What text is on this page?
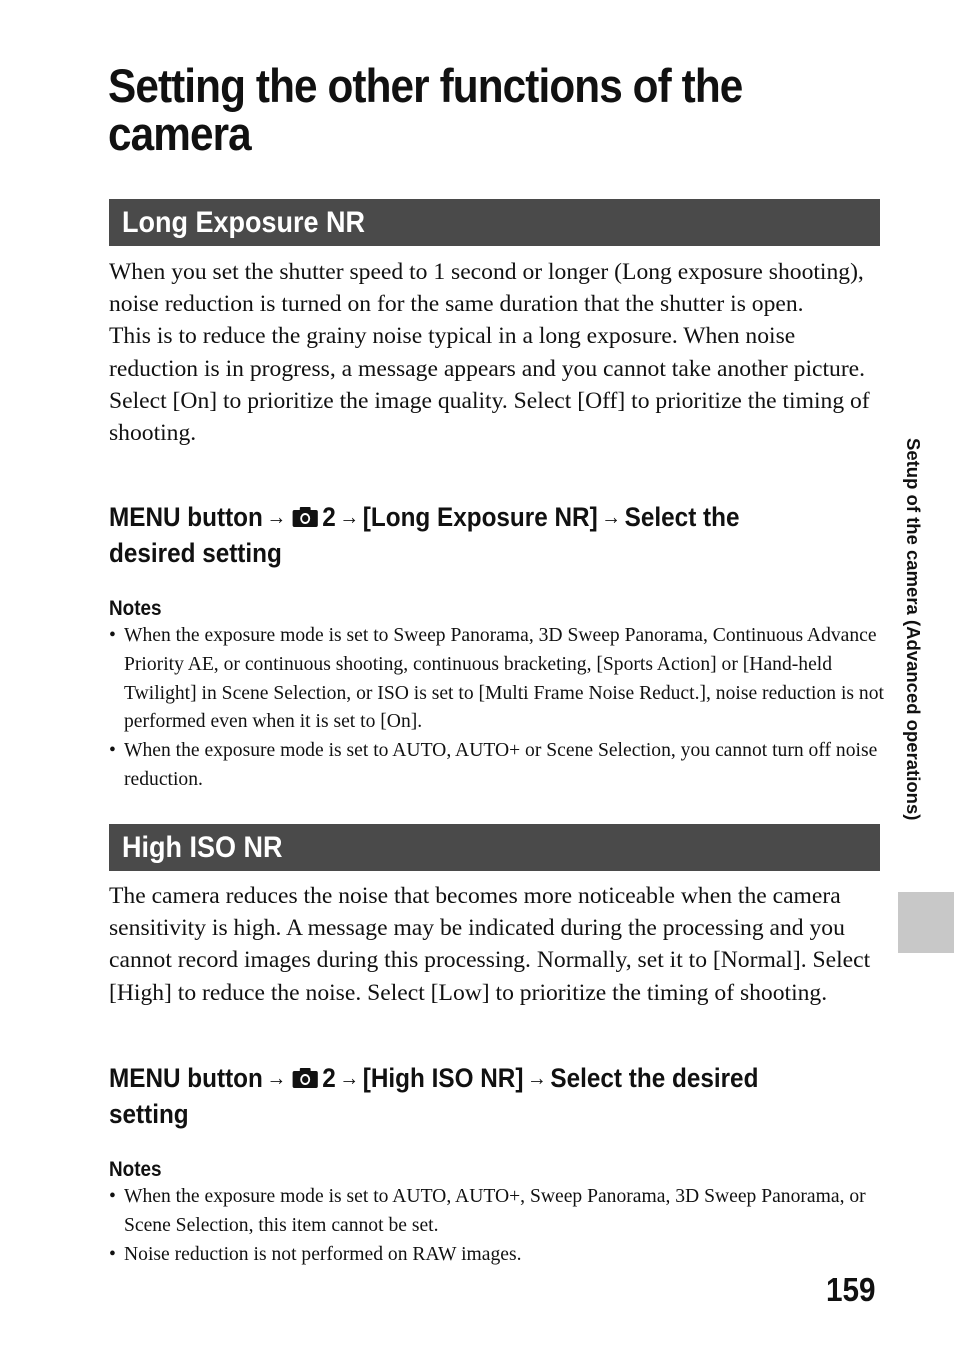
Setting the other functions of the
camera
Long Exposure NR

When you set the shutter speed to 1 second or longer (Long exposure shooting), noise reduction is turned on for the same duration that the shutter is open.

This is to reduce the grainy noise typical in a long exposure. When noise reduction is in progress, a message appears and you cannot take another picture. Select [On] to prioritize the image quality. Select [Off] to prioritize the timing of shooting.

MENU button → 2 → [Long Exposure NR] → Select the desired setting
Notes
• When the exposure mode is set to Sweep Panorama, 3D Sweep Panorama, Continuous Advance Priority AE, or continuous shooting, continuous bracketing, [Sports Action] or [Hand-held Twilight] in Scene Selection, or ISO is set to [Multi Frame Noise Reduct.], noise reduction is not performed even when it is set to [On].
• When the exposure mode is set to AUTO, AUTO+ or Scene Selection, you cannot turn off noise reduction.
High ISO NR

The camera reduces the noise that becomes more noticeable when the camera sensitivity is high. A message may be indicated during the processing and you cannot record images during this processing. Normally, set it to [Normal]. Select [High] to reduce the noise. Select [Low] to prioritize the timing of shooting.

MENU button → 2 → [High ISO NR] → Select the desired setting
Notes
• When the exposure mode is set to AUTO, AUTO+, Sweep Panorama, 3D Sweep Panorama, or Scene Selection, this item cannot be set.
• Noise reduction is not performed on RAW images.
Setup of the camera (Advanced operations)
159
